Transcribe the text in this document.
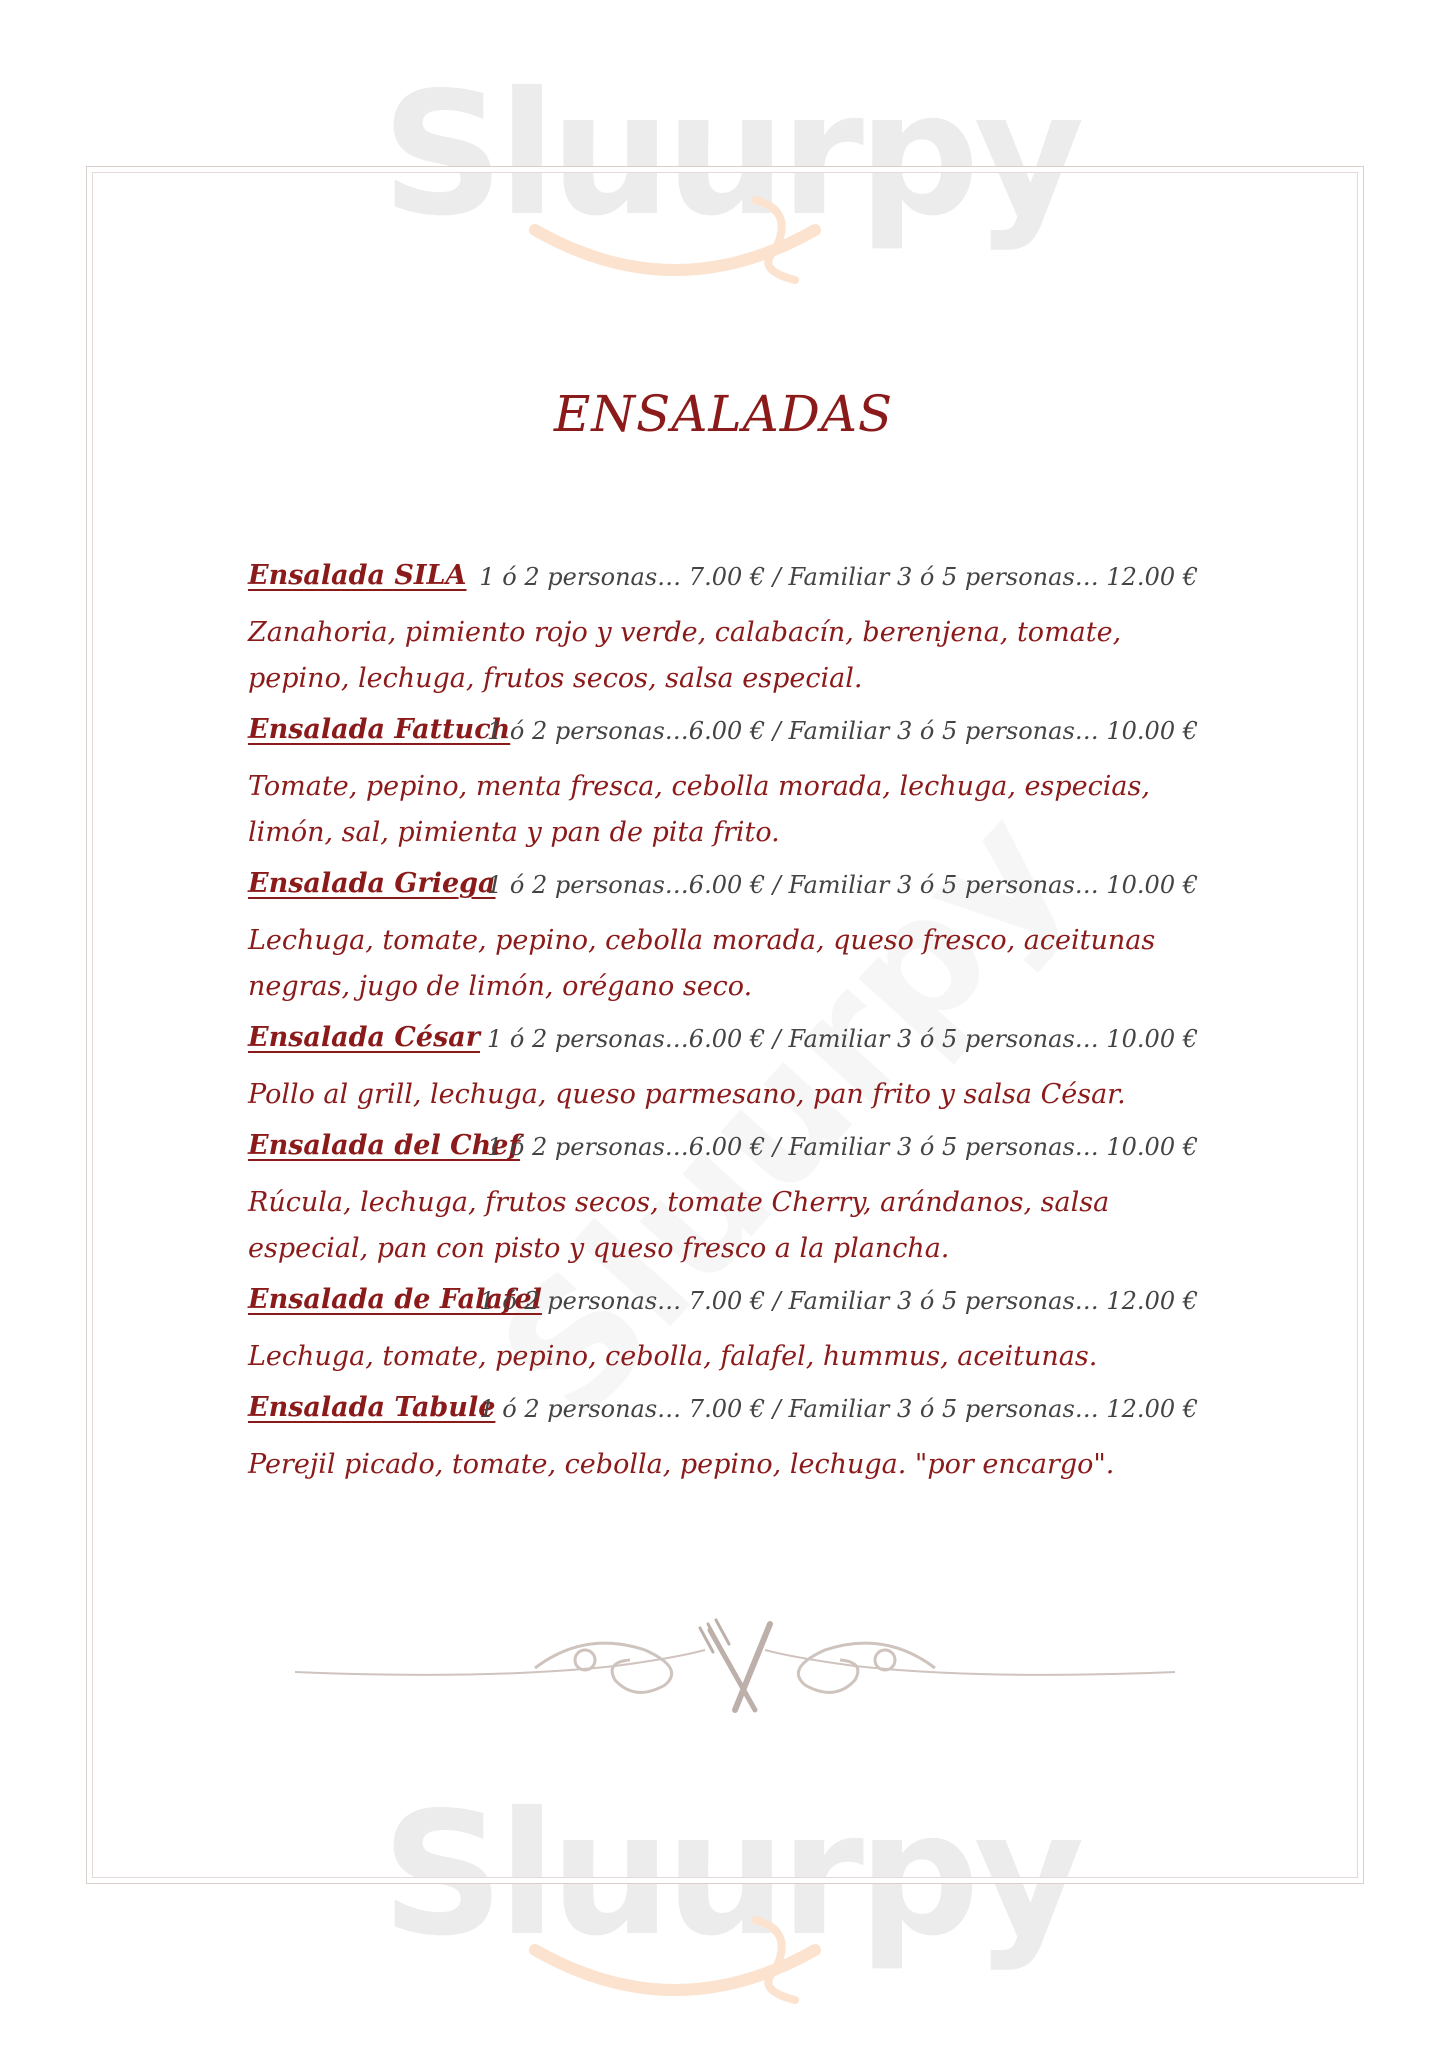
Sluurpy
Sluurpy
ENSALADAS
Ensalada SILA 1 ó 2 personas… 7.00 € / Familiar 3 ó 5 personas… 12.00 €
Zanahoria, pimiento rojo y verde, calabacín, berenjena, tomate, pepino, lechuga, frutos secos, salsa especial.
Ensalada Fattuch
1 ó 2 personas…6.00 € / Familiar 3 ó 5 personas… 10.00 €
Tomate, pepino, menta fresca, cebolla morada, lechuga, especias, limón, sal, pimienta y pan de pita frito.
Ensalada Griega
1 ó 2 personas…6.00 € / Familiar 3 ó 5 personas… 10.00 €
Lechuga, tomate, pepino, cebolla morada, queso fresco, aceitunas negras, jugo de limón, orégano seco.
Ensalada César 1 ó 2 personas…6.00 € / Familiar 3 ó 5 personas… 10.00 €
Pollo al grill, lechuga, queso parmesano, pan frito y salsa César.
Ensalada del Chef
1 ó 2 personas…6.00 € / Familiar 3 ó 5 personas… 10.00 €
Rúcula, lechuga, frutos secos, tomate Cherry, arándanos, salsa especial, pan con pisto y queso fresco a la plancha.
Ensalada de Falafel
1 ó 2 personas… 7.00 € / Familiar 3 ó 5 personas… 12.00 €
Lechuga, tomate, pepino, cebolla, falafel, hummus, aceitunas.
Ensalada Tabule
1 ó 2 personas… 7.00 € / Familiar 3 ó 5 personas… 12.00 €
Perejil picado, tomate, cebolla, pepino, lechuga. "por encargo".
